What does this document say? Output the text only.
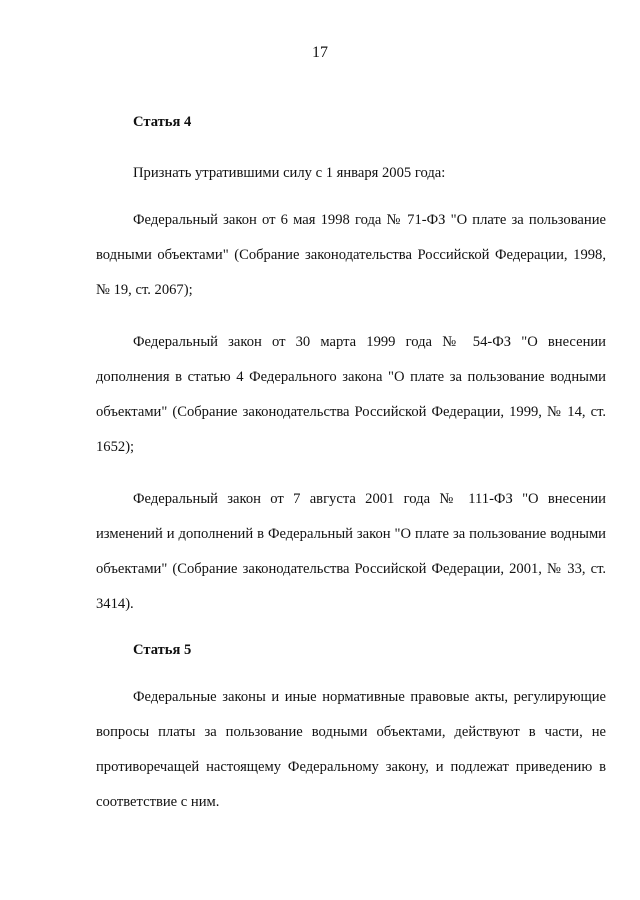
17
Статья 4

Признать утратившими силу с 1 января 2005 года:

Федеральный закон от 6 мая 1998 года № 71-ФЗ "О плате за пользование водными объектами" (Собрание законодательства Российской Федерации, 1998, № 19, ст. 2067);

Федеральный закон от 30 марта 1999 года № 54-ФЗ "О внесении дополнения в статью 4 Федерального закона "О плате за пользование водными объектами" (Собрание законодательства Российской Федерации, 1999, № 14, ст. 1652);

Федеральный закон от 7 августа 2001 года № 111-ФЗ "О внесении изменений и дополнений в Федеральный закон "О плате за пользование водными объектами" (Собрание законодательства Российской Федерации, 2001, № 33, ст. 3414).

Статья 5

Федеральные законы и иные нормативные правовые акты, регулирующие вопросы платы за пользование водными объектами, действуют в части, не противоречащей настоящему Федеральному закону, и подлежат приведению в соответствие с ним.
